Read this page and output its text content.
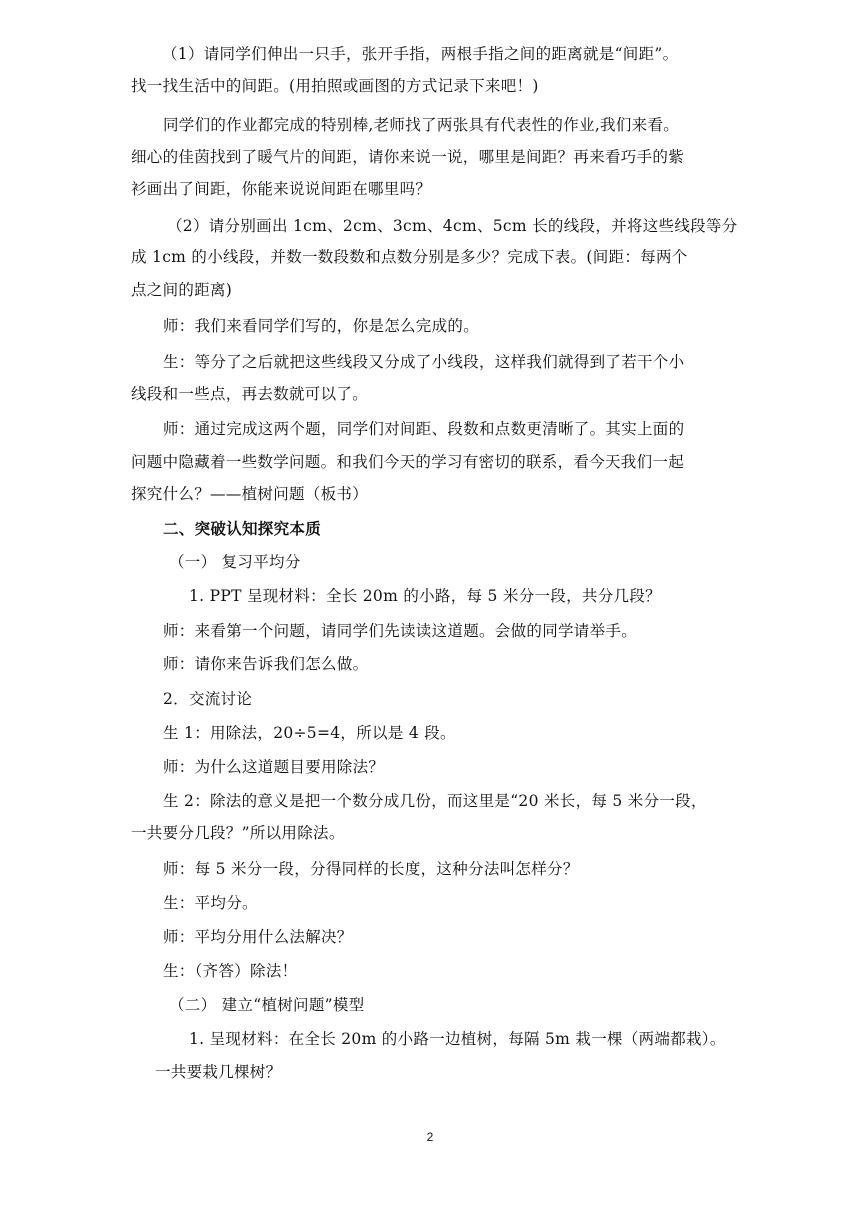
（1）请同学们伸出一只手，张开手指，两根手指之间的距离就是“间距”。
找一找生活中的间距。(用拍照或画图的方式记录下来吧！)
同学们的作业都完成的特别棒,老师找了两张具有代表性的作业,我们来看。
细心的佳茵找到了暖气片的间距，请你来说一说，哪里是间距？再来看巧手的紫
衫画出了间距，你能来说说间距在哪里吗？
（2）请分别画出 1cm、2cm、3cm、4cm、5cm 长的线段，并将这些线段等分
成 1cm 的小线段，并数一数段数和点数分别是多少？完成下表。(间距：每两个
点之间的距离)
师：我们来看同学们写的，你是怎么完成的。
生：等分了之后就把这些线段又分成了小线段，这样我们就得到了若干个小
线段和一些点，再去数就可以了。
师：通过完成这两个题，同学们对间距、段数和点数更清晰了。其实上面的
问题中隐藏着一些数学问题。和我们今天的学习有密切的联系，看今天我们一起
探究什么？——植树问题（板书）
二、突破认知探究本质
（一） 复习平均分
1. PPT 呈现材料：全长 20m 的小路，每 5 米分一段，共分几段？
师：来看第一个问题，请同学们先读读这道题。会做的同学请举手。
师：请你来告诉我们怎么做。
2．交流讨论
生 1：用除法，20÷5=4，所以是 4 段。
师：为什么这道题目要用除法？
生 2：除法的意义是把一个数分成几份，而这里是“20 米长，每 5 米分一段，
一共要分几段？”所以用除法。
师：每 5 米分一段，分得同样的长度，这种分法叫怎样分？
生：平均分。
师：平均分用什么法解决？
生：（齐答）除法！
（二） 建立“植树问题”模型
1. 呈现材料：在全长 20m 的小路一边植树，每隔 5m 栽一棵（两端都栽）。
一共要栽几棵树？
2
